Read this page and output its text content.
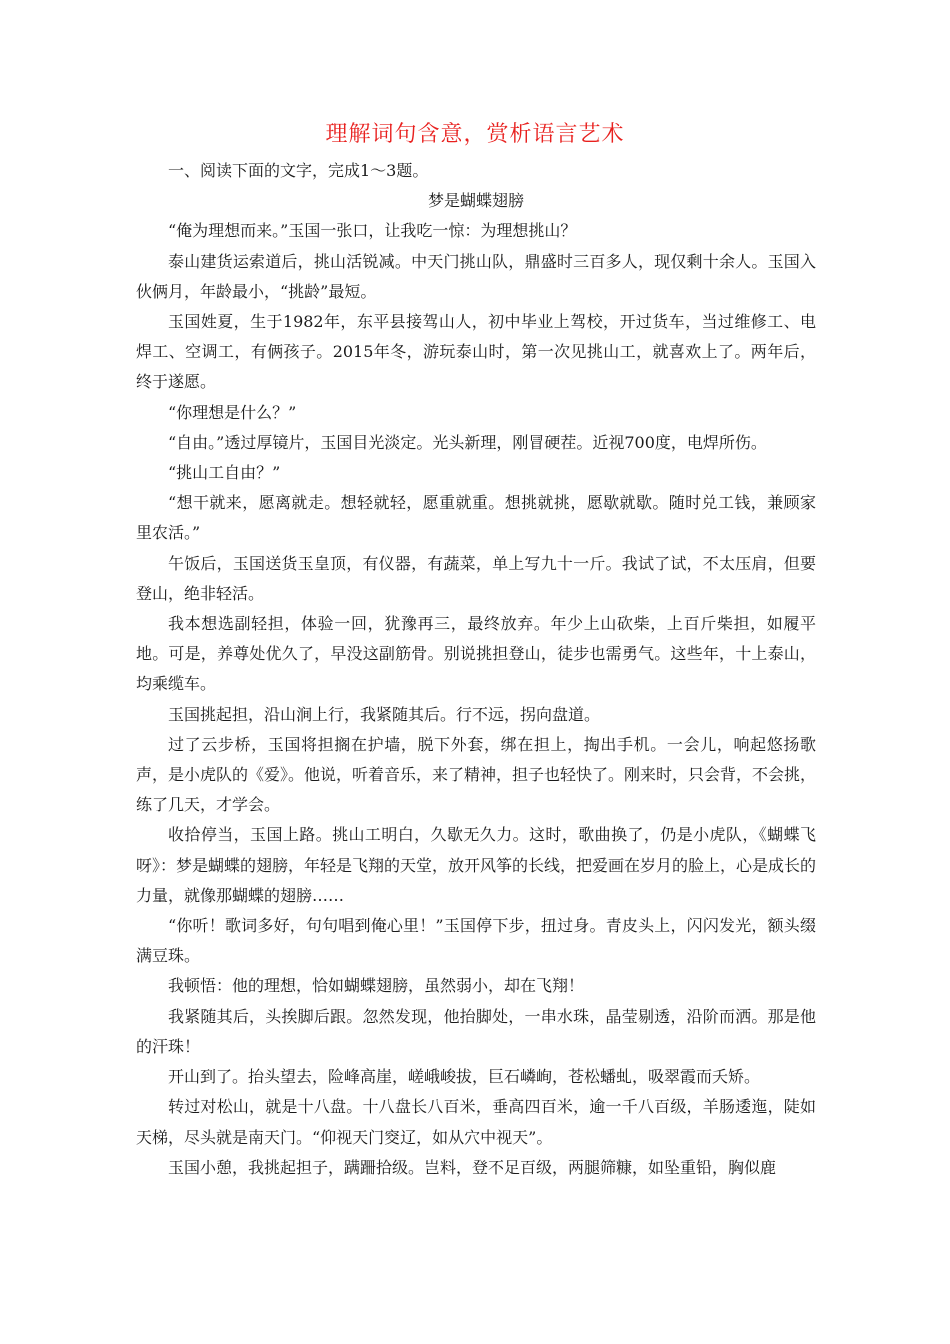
理解词句含意，赏析语言艺术

一、阅读下面的文字，完成1～3题。

梦是蝴蝶翅膀

“俺为理想而来。”玉国一张口，让我吃一惊：为理想挑山？

泰山建货运索道后，挑山活锐减。中天门挑山队，鼎盛时三百多人，现仅剩十余人。玉国入伙俩月，年龄最小，“挑龄”最短。

玉国姓夏，生于1982年，东平县接驾山人，初中毕业上驾校，开过货车，当过维修工、电焊工、空调工，有俩孩子。2015年冬，游玩泰山时，第一次见挑山工，就喜欢上了。两年后，终于遂愿。

“你理想是什么？”

“自由。”透过厚镜片，玉国目光淡定。光头新理，刚冒硬茬。近视700度，电焊所伤。

“挑山工自由？”

“想干就来，愿离就走。想轻就轻，愿重就重。想挑就挑，愿歇就歇。随时兑工钱，兼顾家里农活。”

午饭后，玉国送货玉皇顶，有仪器，有蔬菜，单上写九十一斤。我试了试，不太压肩，但要登山，绝非轻活。

我本想选副轻担，体验一回，犹豫再三，最终放弃。年少上山砍柴，上百斤柴担，如履平地。可是，养尊处优久了，早没这副筋骨。别说挑担登山，徒步也需勇气。这些年，十上泰山，均乘缆车。

玉国挑起担，沿山涧上行，我紧随其后。行不远，拐向盘道。

过了云步桥，玉国将担搁在护墙，脱下外套，绑在担上，掏出手机。一会儿，响起悠扬歌声，是小虎队的《爱》。他说，听着音乐，来了精神，担子也轻快了。刚来时，只会背，不会挑，练了几天，才学会。

收拾停当，玉国上路。挑山工明白，久歇无久力。这时，歌曲换了，仍是小虎队，《蝴蝶飞呀》：梦是蝴蝶的翅膀，年轻是飞翔的天堂，放开风筝的长线，把爱画在岁月的脸上，心是成长的力量，就像那蝴蝶的翅膀……

“你听！歌词多好，句句唱到俺心里！”玉国停下步，扭过身。青皮头上，闪闪发光，额头缀满豆珠。

我顿悟：他的理想，恰如蝴蝶翅膀，虽然弱小，却在飞翔！

我紧随其后，头挨脚后跟。忽然发现，他抬脚处，一串水珠，晶莹剔透，沿阶而洒。那是他的汗珠！

开山到了。抬头望去，险峰高崖，嵯峨峻拔，巨石嶙峋，苍松蟠虬，吸翠霞而夭矫。

转过对松山，就是十八盘。十八盘长八百米，垂高四百米，逾一千八百级，羊肠逶迤，陡如天梯，尽头就是南天门。“仰视天门窔辽，如从穴中视天”。

玉国小憩，我挑起担子，蹒跚拾级。岂料，登不足百级，两腿筛糠，如坠重铅，胸似鹿
